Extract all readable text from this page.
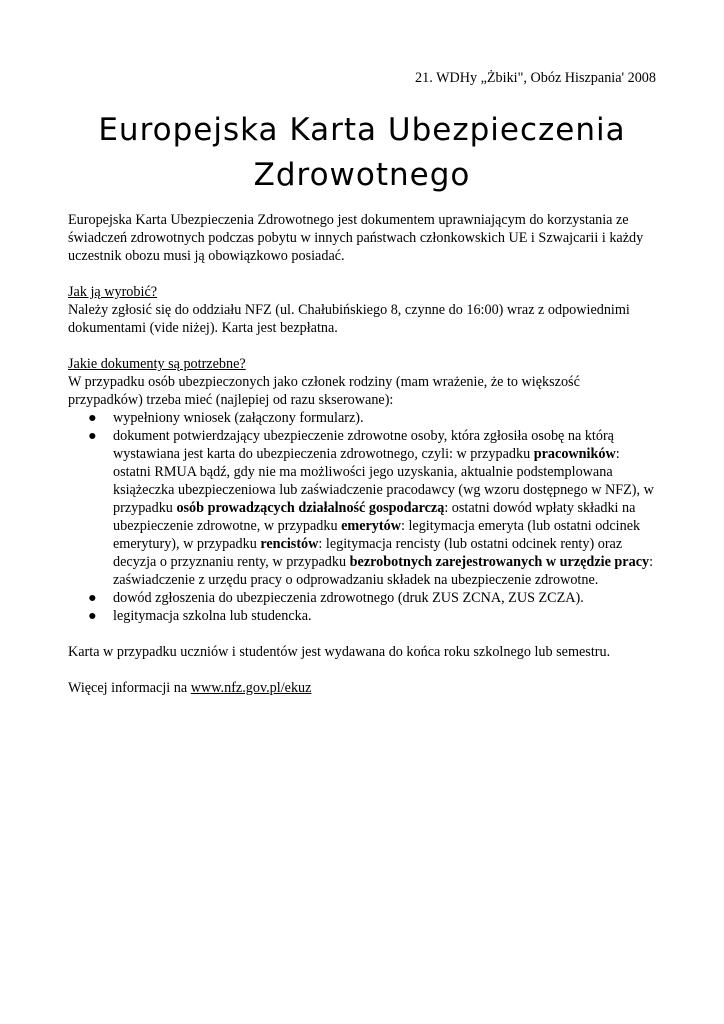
21. WDHy „Żbiki", Obóz Hiszpania' 2008
Europejska Karta Ubezpieczenia
Zdrowotnego

Europejska Karta Ubezpieczenia Zdrowotnego jest dokumentem uprawniającym do korzystania ze świadczeń zdrowotnych podczas pobytu w innych państwach członkowskich UE i Szwajcarii i każdy uczestnik obozu musi ją obowiązkowo posiadać.

Jak ją wyrobić?

Należy zgłosić się do oddziału NFZ (ul. Chałubińskiego 8, czynne do 16:00) wraz z odpowiednimi dokumentami (vide niżej). Karta jest bezpłatna.

Jakie dokumenty są potrzebne?

W przypadku osób ubezpieczonych jako członek rodziny (mam wrażenie, że to większość przypadków) trzeba mieć (najlepiej od razu skserowane):

● wypełniony wniosek (załączony formularz).
● dokument potwierdzający ubezpieczenie zdrowotne osoby, która zgłosiła osobę na którą wystawiana jest karta do ubezpieczenia zdrowotnego, czyli: w przypadku pracowników: ostatni RMUA bądź, gdy nie ma możliwości jego uzyskania, aktualnie podstemplowana książeczka ubezpieczeniowa lub zaświadczenie pracodawcy (wg wzoru dostępnego w NFZ), w przypadku osób prowadzących działalność gospodarczą: ostatni dowód wpłaty składki na ubezpieczenie zdrowotne, w przypadku emerytów: legitymacja emeryta (lub ostatni odcinek emerytury), w przypadku rencistów: legitymacja rencisty (lub ostatni odcinek renty) oraz decyzja o przyznaniu renty, w przypadku bezrobotnych zarejestrowanych w urzędzie pracy: zaświadczenie z urzędu pracy o odprowadzaniu składek na ubezpieczenie zdrowotne.
● dowód zgłoszenia do ubezpieczenia zdrowotnego (druk ZUS ZCNA, ZUS ZCZA).
● legitymacja szkolna lub studencka.

Karta w przypadku uczniów i studentów jest wydawana do końca roku szkolnego lub semestru.

Więcej informacji na www.nfz.gov.pl/ekuz
